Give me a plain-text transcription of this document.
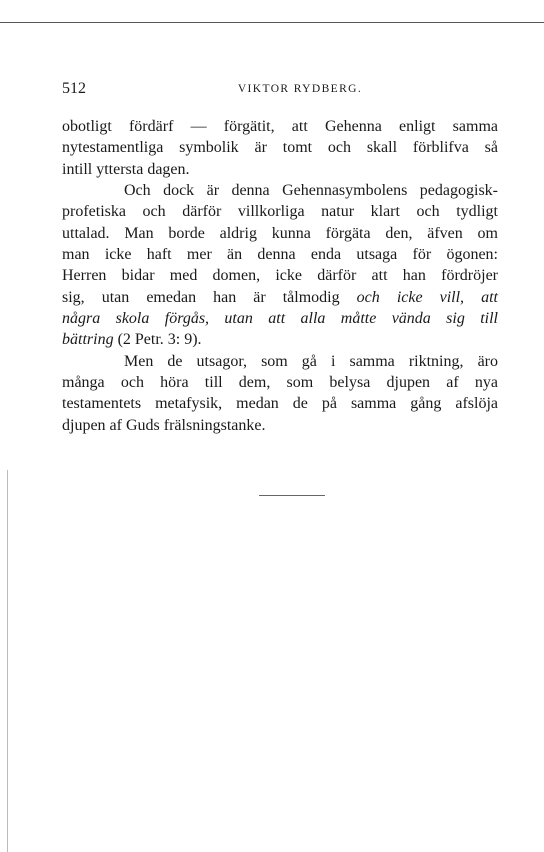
512	VIKTOR RYDBERG.

obotligt fördärf — förgätit, att Gehenna enligt samma
nytestamentliga symbolik är tomt och skall förblifva så
intill yttersta dagen.

Och dock är denna Gehennasymbolens pedagogisk-
profetiska och därför villkorliga natur klart och tydligt
uttalad. Man borde aldrig kunna förgäta den, äfven om
man icke haft mer än denna enda utsaga för ögonen:
Herren bidar med domen, icke därför att han fördröjer
sig, utan emedan han är tålmodig och icke vill, att
några skola förgås, utan att alla måtte vända sig till
bättring (2 Petr. 3: 9).

Men de utsagor, som gå i samma riktning, äro
många och höra till dem, som belysa djupen af nya
testamentets metafysik, medan de på samma gång afslöja
djupen af Guds frälsningstanke.
